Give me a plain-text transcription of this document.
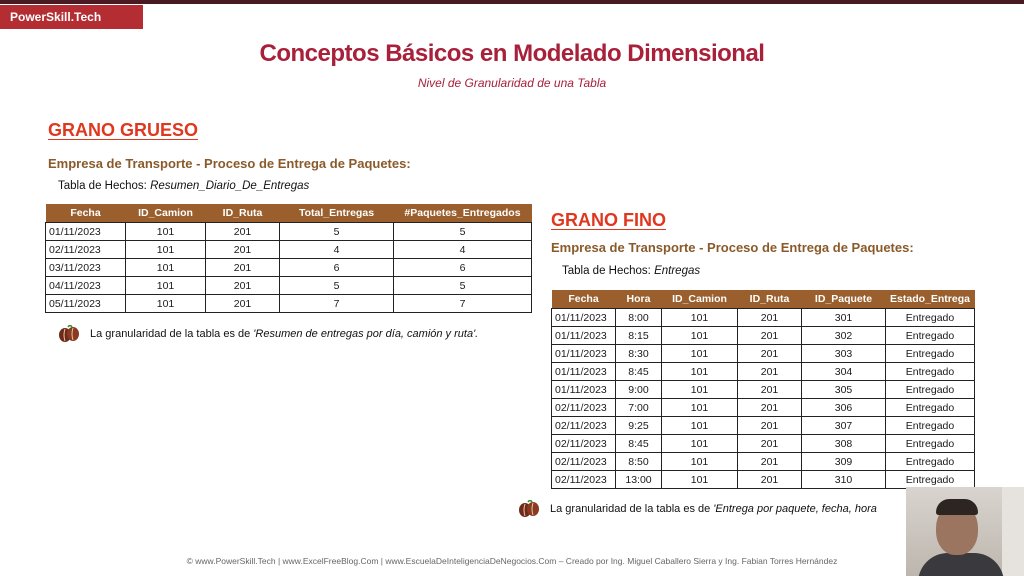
PowerSkill.Tech
Conceptos Básicos en Modelado Dimensional
Nivel de Granularidad de una Tabla
GRANO GRUESO
Empresa de Transporte - Proceso de Entrega de Paquetes:
Tabla de Hechos: Resumen_Diario_De_Entregas
Fecha	ID_Camion	ID_Ruta	Total_Entregas	#Paquetes_Entregados
01/11/2023	101	201	5	5
02/11/2023	101	201	4	4
03/11/2023	101	201	6	6
04/11/2023	101	201	5	5
05/11/2023	101	201	7	7
La granularidad de la tabla es de 'Resumen de entregas por día, camión y ruta'.
GRANO FINO
Empresa de Transporte - Proceso de Entrega de Paquetes:
Tabla de Hechos: Entregas
Fecha	Hora	ID_Camion	ID_Ruta	ID_Paquete	Estado_Entrega
01/11/2023	8:00	101	201	301	Entregado
01/11/2023	8:15	101	201	302	Entregado
01/11/2023	8:30	101	201	303	Entregado
01/11/2023	8:45	101	201	304	Entregado
01/11/2023	9:00	101	201	305	Entregado
02/11/2023	7:00	101	201	306	Entregado
02/11/2023	9:25	101	201	307	Entregado
02/11/2023	8:45	101	201	308	Entregado
02/11/2023	8:50	101	201	309	Entregado
02/11/2023	13:00	101	201	310	Entregado
La granularidad de la tabla es de 'Entrega por paquete, fecha, hora
© www.PowerSkill.Tech | www.ExcelFreeBlog.Com | www.EscuelaDeInteligenciaDeNegocios.Com – Creado por Ing. Miguel Caballero Sierra y Ing. Fabian Torres Hernández
